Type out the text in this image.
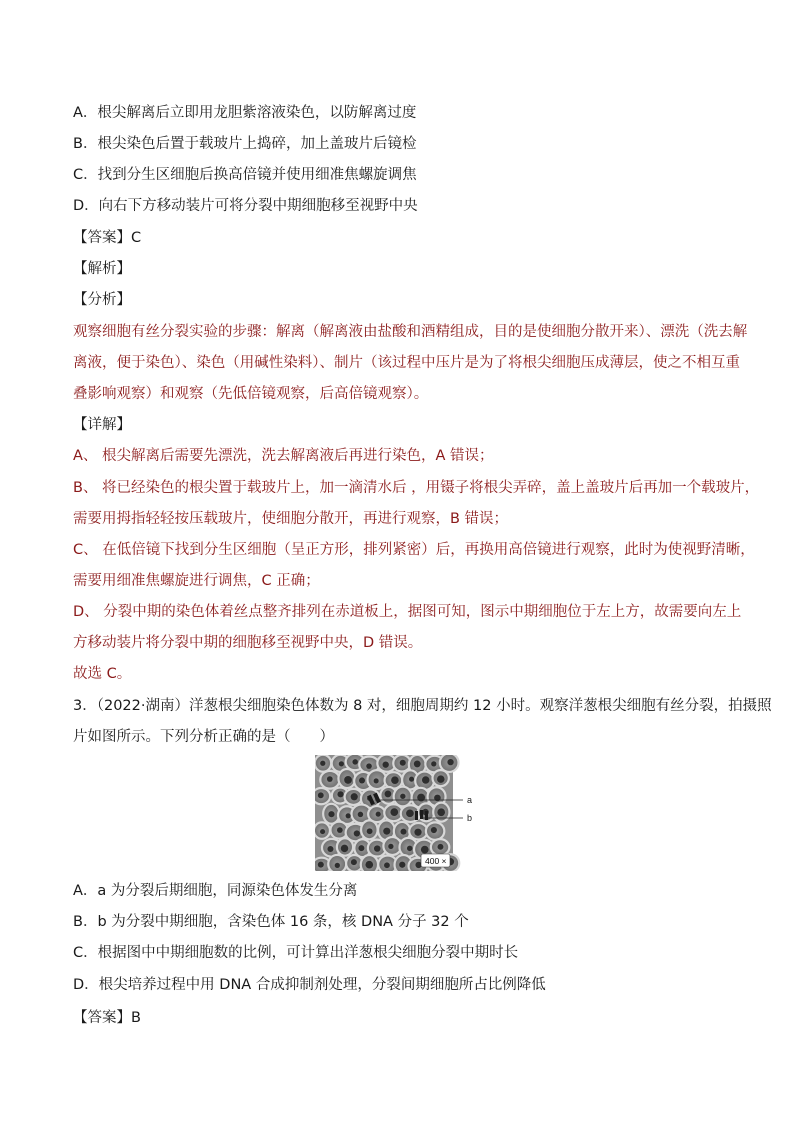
A．根尖解离后立即用龙胆紫溶液染色，以防解离过度
B．根尖染色后置于载玻片上捣碎，加上盖玻片后镜检
C．找到分生区细胞后换高倍镜并使用细准焦螺旋调焦
D．向右下方移动装片可将分裂中期细胞移至视野中央
【答案】C
【解析】
【分析】
观察细胞有丝分裂实验的步骤：解离（解离液由盐酸和酒精组成，目的是使细胞分散开来）、漂洗（洗去解
离液，便于染色）、染色（用碱性染料）、制片（该过程中压片是为了将根尖细胞压成薄层，使之不相互重
叠影响观察）和观察（先低倍镜观察，后高倍镜观察）。
【详解】
A、 根尖解离后需要先漂洗，洗去解离液后再进行染色，A 错误；
B、 将已经染色的根尖置于载玻片上，加一滴清水后 ，用镊子将根尖弄碎，盖上盖玻片后再加一个载玻片，
需要用拇指轻轻按压载玻片，使细胞分散开，再进行观察，B 错误；
C、 在低倍镜下找到分生区细胞（呈正方形，排列紧密）后，再换用高倍镜进行观察，此时为使视野清晰，
需要用细准焦螺旋进行调焦，C 正确；
D、 分裂中期的染色体着丝点整齐排列在赤道板上，据图可知，图示中期细胞位于左上方，故需要向左上
方移动装片将分裂中期的细胞移至视野中央，D 错误。
故选 C。
3．（2022·湖南）洋葱根尖细胞染色体数为 8 对，细胞周期约 12 小时。观察洋葱根尖细胞有丝分裂，拍摄照
片如图所示。下列分析正确的是（　　）
a
b
400 ×
A．a 为分裂后期细胞，同源染色体发生分离
B．b 为分裂中期细胞，含染色体 16 条，核 DNA 分子 32 个
C．根据图中中期细胞数的比例，可计算出洋葱根尖细胞分裂中期时长
D．根尖培养过程中用 DNA 合成抑制剂处理，分裂间期细胞所占比例降低
【答案】B
